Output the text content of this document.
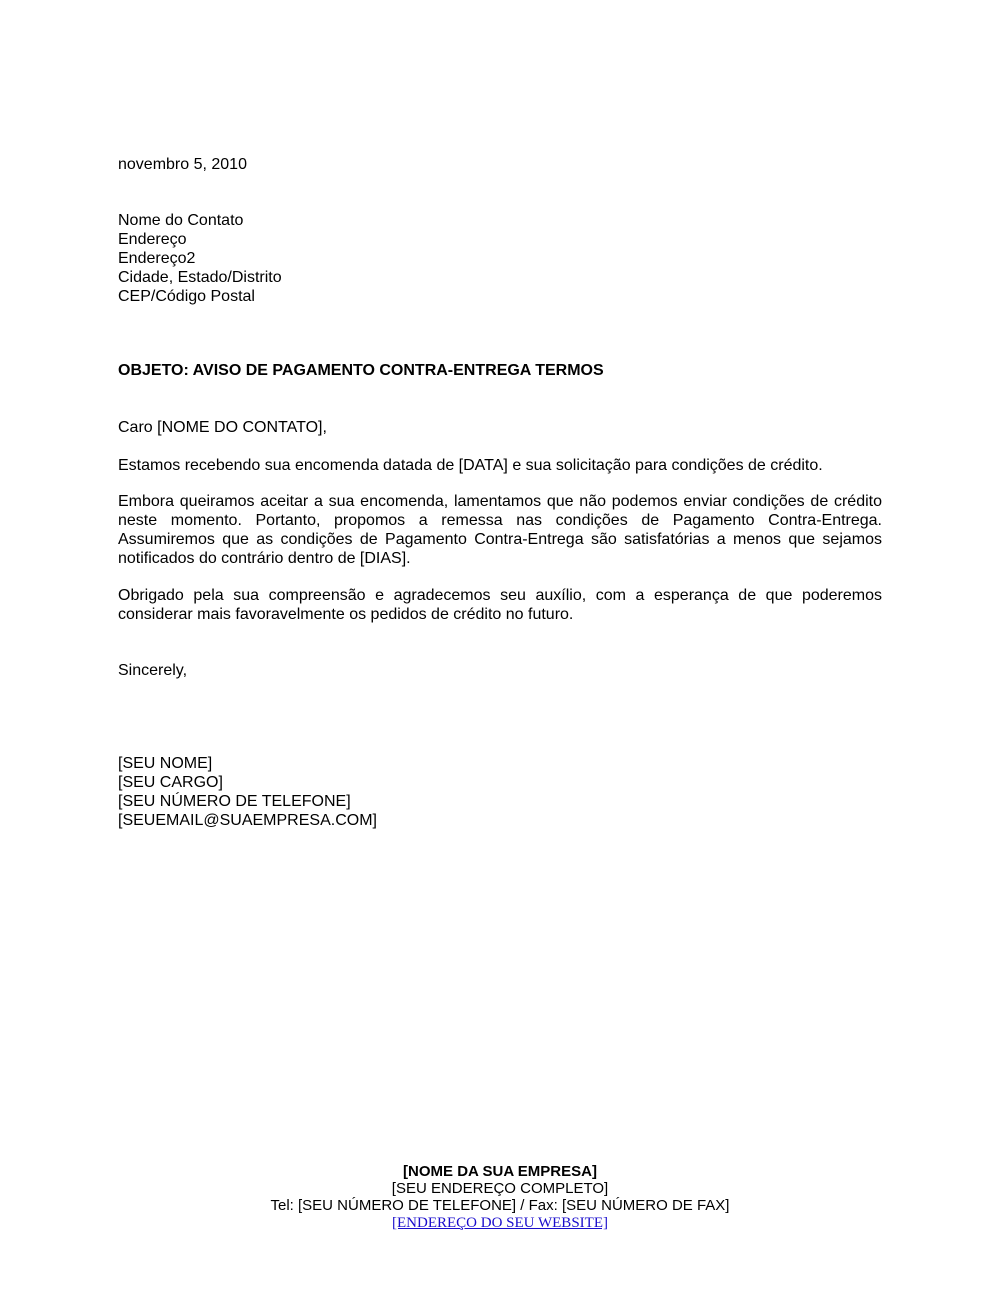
novembro 5, 2010
Nome do Contato
Endereço
Endereço2
Cidade, Estado/Distrito
CEP/Código Postal
OBJETO: AVISO DE PAGAMENTO CONTRA-ENTREGA TERMOS
Caro [NOME DO CONTATO],

Estamos recebendo sua encomenda datada de [DATA] e sua solicitação para condições de crédito.

Embora queiramos aceitar a sua encomenda, lamentamos que não podemos enviar condições de crédito neste momento. Portanto, propomos a remessa nas condições de Pagamento Contra-Entrega. Assumiremos que as condições de Pagamento Contra-Entrega são satisfatórias a menos que sejamos notificados do contrário dentro de [DIAS].

Obrigado pela sua compreensão e agradecemos seu auxílio, com a esperança de que poderemos considerar mais favoravelmente os pedidos de crédito no futuro.

Sincerely,
[SEU NOME]
[SEU CARGO]
[SEU NÚMERO DE TELEFONE]
[SEUEMAIL@SUAEMPRESA.COM]
[NOME DA SUA EMPRESA]
[SEU ENDEREÇO COMPLETO]
Tel: [SEU NÚMERO DE TELEFONE] / Fax: [SEU NÚMERO DE FAX]
[ENDEREÇO DO SEU WEBSITE]
